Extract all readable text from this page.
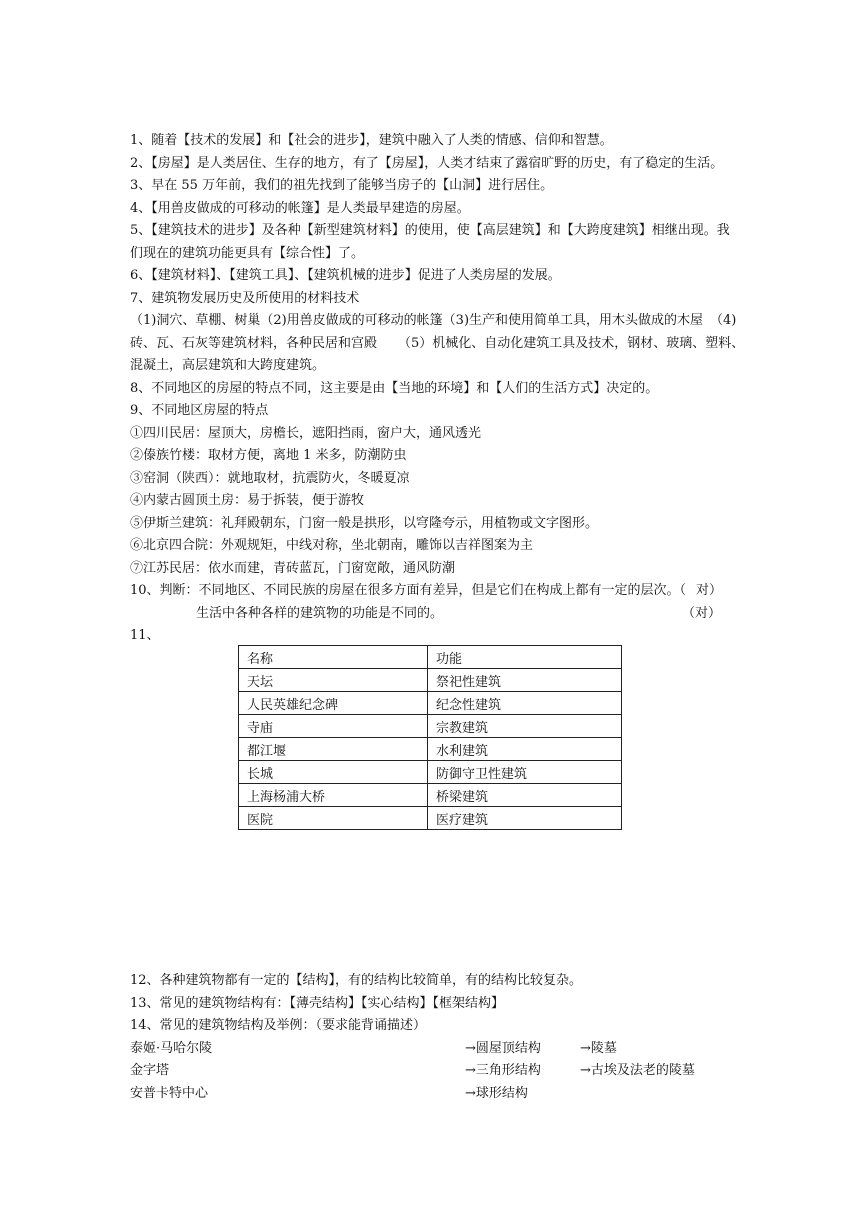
1、随着【技术的发展】和【社会的进步】，建筑中融入了人类的情感、信仰和智慧。
2、【房屋】是人类居住、生存的地方，有了【房屋】，人类才结束了露宿旷野的历史，有了稳定的生活。
3、早在 55 万年前，我们的祖先找到了能够当房子的【山洞】进行居住。
4、【用兽皮做成的可移动的帐篷】是人类最早建造的房屋。
5、【建筑技术的进步】及各种【新型建筑材料】的使用，使【高层建筑】和【大跨度建筑】相继出现。我
们现在的建筑功能更具有【综合性】了。
6、【建筑材料】、【建筑工具】、【建筑机械的进步】促进了人类房屋的发展。
7、建筑物发展历史及所使用的材料技术
（1)洞穴、草棚、树巢（2)用兽皮做成的可移动的帐篷（3)生产和使用简单工具，用木头做成的木屋 （4)
砖、瓦、石灰等建筑材料，各种民居和宫殿 （5）机械化、自动化建筑工具及技术，钢材、玻璃、塑料、
混凝土，高层建筑和大跨度建筑。
8、不同地区的房屋的特点不同，这主要是由【当地的环境】和【人们的生活方式】决定的。
9、不同地区房屋的特点
①四川民居：屋顶大，房檐长，遮阳挡雨，窗户大，通风透光
②傣族竹楼：取材方便，离地 1 米多，防潮防虫
③窑洞（陕西）：就地取材，抗震防火，冬暖夏凉
④内蒙古圆顶土房：易于拆装，便于游牧
⑤伊斯兰建筑：礼拜殿朝东，门窗一般是拱形，以穹隆夸示，用植物或文字图形。
⑥北京四合院：外观规矩，中线对称，坐北朝南，雕饰以吉祥图案为主
⑦江苏民居：依水而建，青砖蓝瓦，门窗宽敞，通风防潮
10、判断：不同地区、不同民族的房屋在很多方面有差异，但是它们在构成上都有一定的层次。（ 对）
生活中各种各样的建筑物的功能是不同的。	（对）
11、
名称	功能
天坛	祭祀性建筑
人民英雄纪念碑	纪念性建筑
寺庙	宗教建筑
都江堰	水利建筑
长城	防御守卫性建筑
上海杨浦大桥	桥梁建筑
医院	医疗建筑
12、各种建筑物都有一定的【结构】，有的结构比较简单，有的结构比较复杂。
13、常见的建筑物结构有：【薄壳结构】【实心结构】【框架结构】
14、常见的建筑物结构及举例：（要求能背诵描述）
泰姬·马哈尔陵	→圆屋顶结构	→陵墓
金字塔	→三角形结构	→古埃及法老的陵墓
安普卡特中心	→球形结构
